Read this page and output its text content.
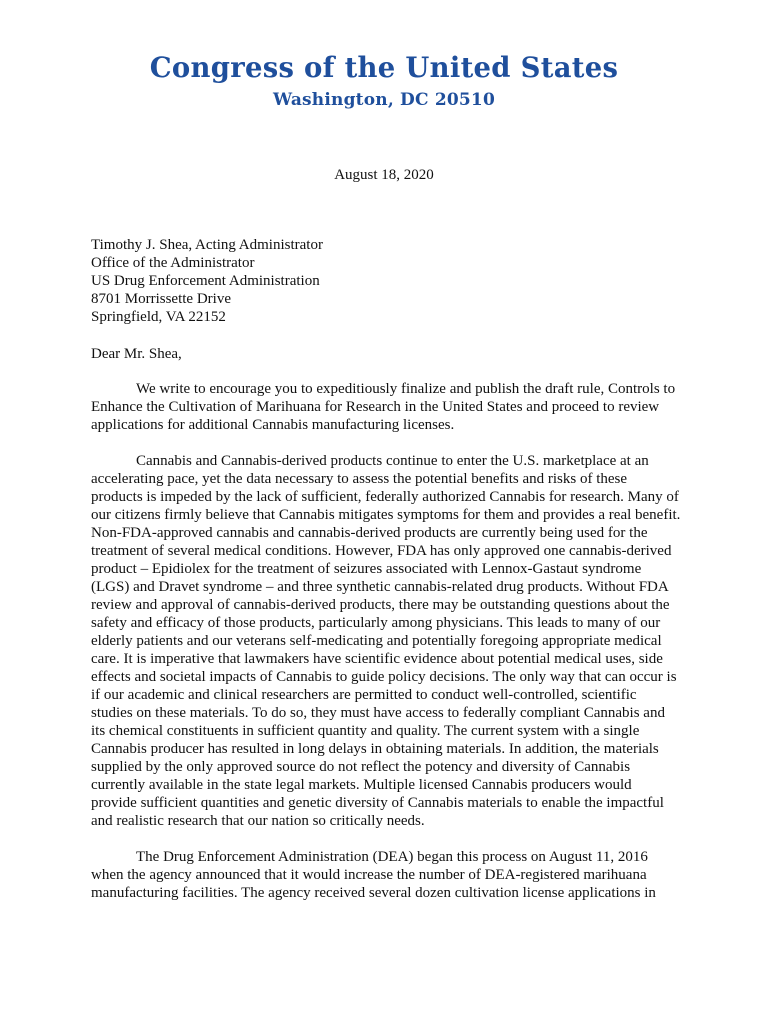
Congress of the United States
Washington, DC 20510
August 18, 2020
Timothy J. Shea, Acting Administrator
Office of the Administrator
US Drug Enforcement Administration
8701 Morrissette Drive
Springfield, VA 22152
Dear Mr. Shea,

We write to encourage you to expeditiously finalize and publish the draft rule, Controls to Enhance the Cultivation of Marihuana for Research in the United States and proceed to review applications for additional Cannabis manufacturing licenses.

Cannabis and Cannabis-derived products continue to enter the U.S. marketplace at an accelerating pace, yet the data necessary to assess the potential benefits and risks of these products is impeded by the lack of sufficient, federally authorized Cannabis for research. Many of our citizens firmly believe that Cannabis mitigates symptoms for them and provides a real benefit. Non-FDA-approved cannabis and cannabis-derived products are currently being used for the treatment of several medical conditions. However, FDA has only approved one cannabis-derived product – Epidiolex for the treatment of seizures associated with Lennox-Gastaut syndrome (LGS) and Dravet syndrome – and three synthetic cannabis-related drug products. Without FDA review and approval of cannabis-derived products, there may be outstanding questions about the safety and efficacy of those products, particularly among physicians. This leads to many of our elderly patients and our veterans self-medicating and potentially foregoing appropriate medical care. It is imperative that lawmakers have scientific evidence about potential medical uses, side effects and societal impacts of Cannabis to guide policy decisions. The only way that can occur is if our academic and clinical researchers are permitted to conduct well-controlled, scientific studies on these materials. To do so, they must have access to federally compliant Cannabis and its chemical constituents in sufficient quantity and quality. The current system with a single Cannabis producer has resulted in long delays in obtaining materials. In addition, the materials supplied by the only approved source do not reflect the potency and diversity of Cannabis currently available in the state legal markets. Multiple licensed Cannabis producers would provide sufficient quantities and genetic diversity of Cannabis materials to enable the impactful and realistic research that our nation so critically needs.

The Drug Enforcement Administration (DEA) began this process on August 11, 2016 when the agency announced that it would increase the number of DEA-registered marihuana manufacturing facilities. The agency received several dozen cultivation license applications in
